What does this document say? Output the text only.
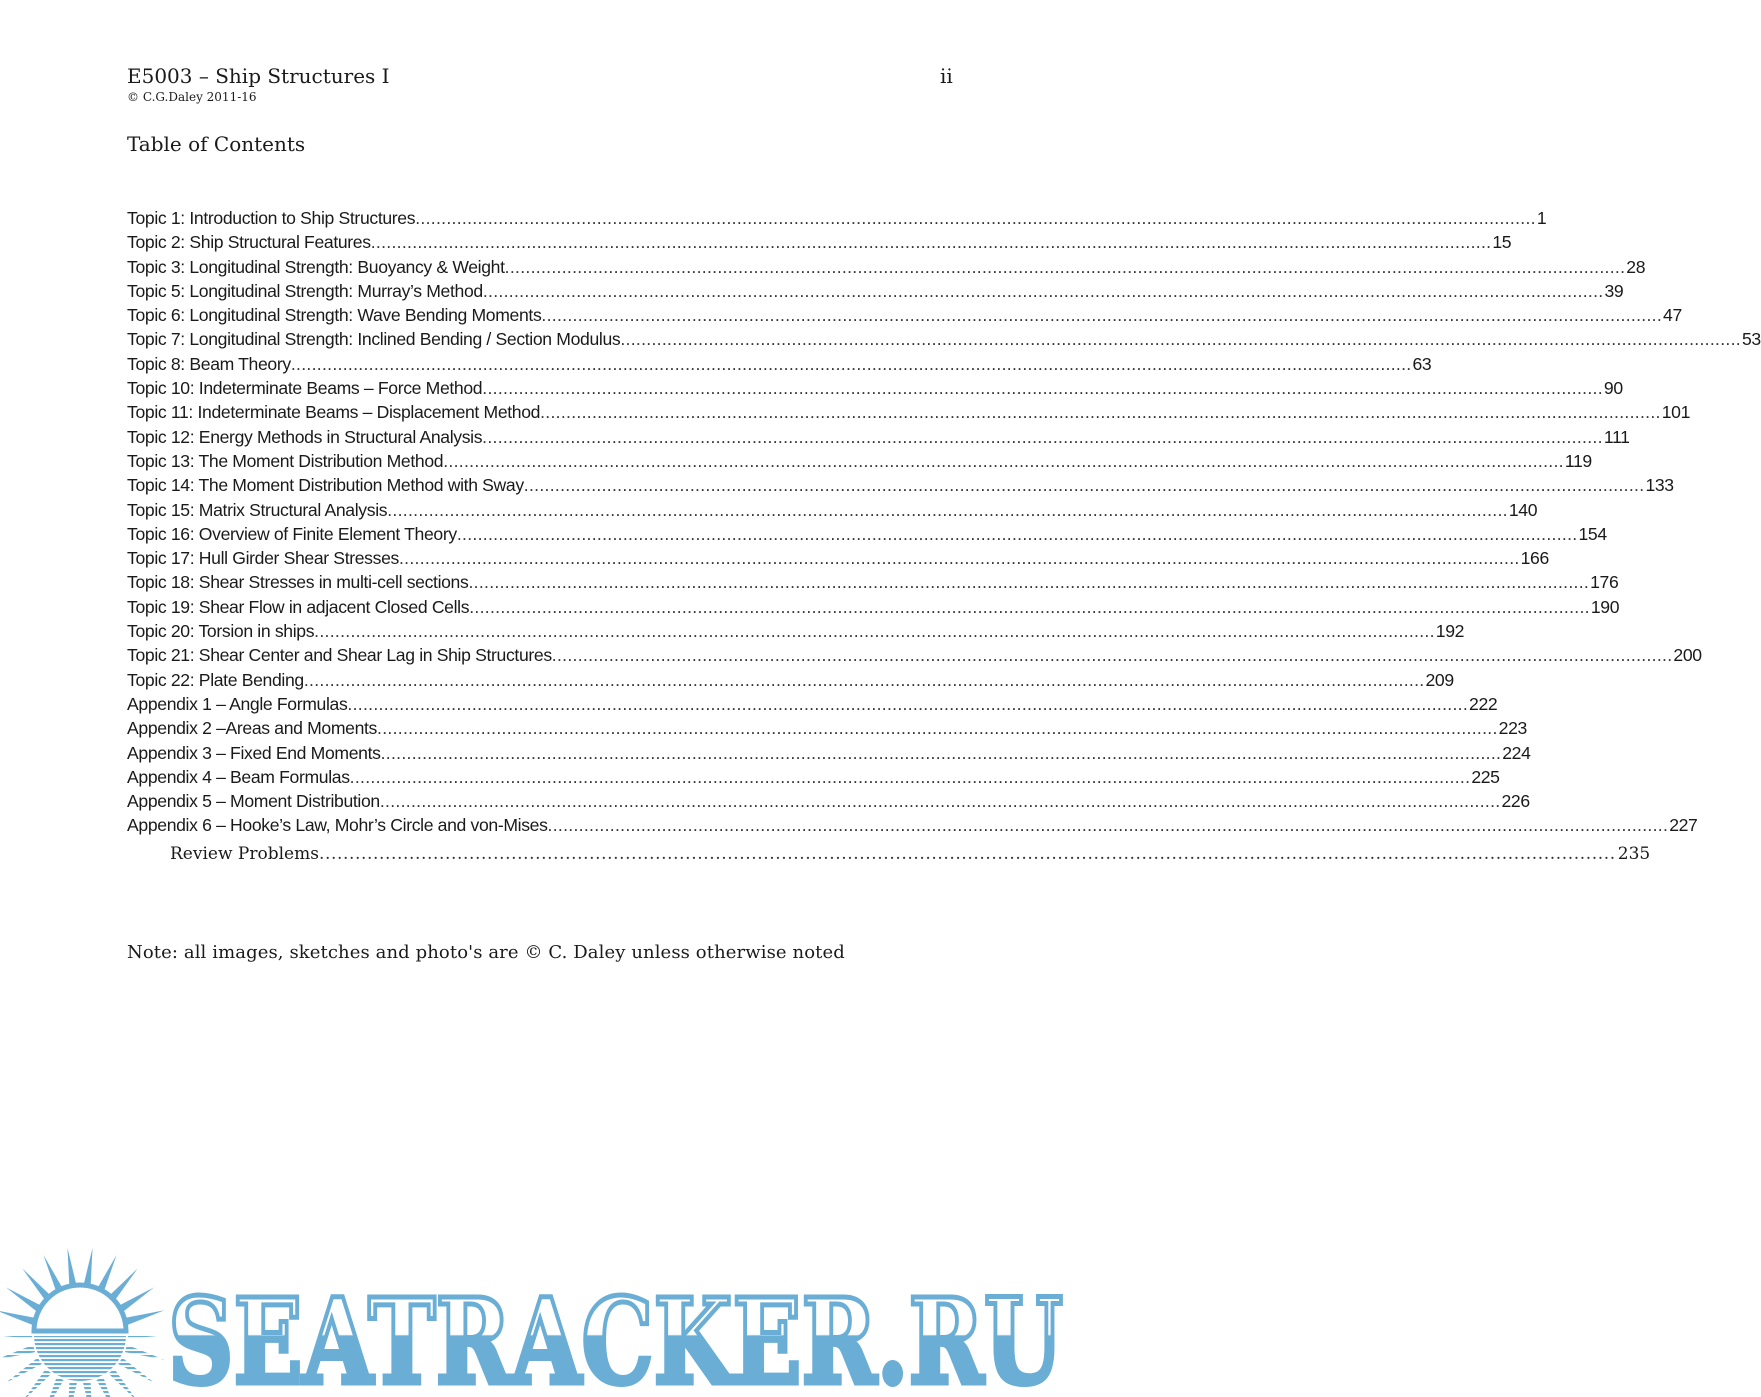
E5003 – Ship Structures I	ii
© C.G.Daley 2011-16
Table of Contents
Topic 1: Introduction to Ship Structures .....	1
Topic 2: Ship Structural Features .....	15
Topic 3: Longitudinal Strength: Buoyancy & Weight .....	28
Topic 5: Longitudinal Strength: Murray’s Method .....	39
Topic 6: Longitudinal Strength: Wave Bending Moments .....	47
Topic 7: Longitudinal Strength: Inclined Bending / Section Modulus .....	53
Topic 8: Beam Theory .....	63
Topic 10: Indeterminate Beams – Force Method .....	90
Topic 11: Indeterminate Beams – Displacement Method .....	101
Topic 12: Energy Methods in Structural Analysis .....	111
Topic 13: The Moment Distribution Method .....	119
Topic 14: The Moment Distribution Method with Sway .....	133
Topic 15: Matrix Structural Analysis .....	140
Topic 16: Overview of Finite Element Theory .....	154
Topic 17: Hull Girder Shear Stresses .....	166
Topic 18: Shear Stresses in multi-cell sections .....	176
Topic 19: Shear Flow in adjacent Closed Cells .....	190
Topic 20: Torsion in ships .....	192
Topic 21: Shear Center and Shear Lag in Ship Structures .....	200
Topic 22: Plate Bending .....	209
Appendix 1 – Angle Formulas .....	222
Appendix 2 –Areas and Moments .....	223
Appendix 3 – Fixed End Moments .....	224
Appendix 4 – Beam Formulas .....	225
Appendix 5 – Moment Distribution .....	226
Appendix 6 – Hooke’s Law, Mohr’s Circle and von-Mises .....	227
Review Problems .....	235
Note: all images, sketches and photo's are © C. Daley unless otherwise noted
SEATRACKER.RU
